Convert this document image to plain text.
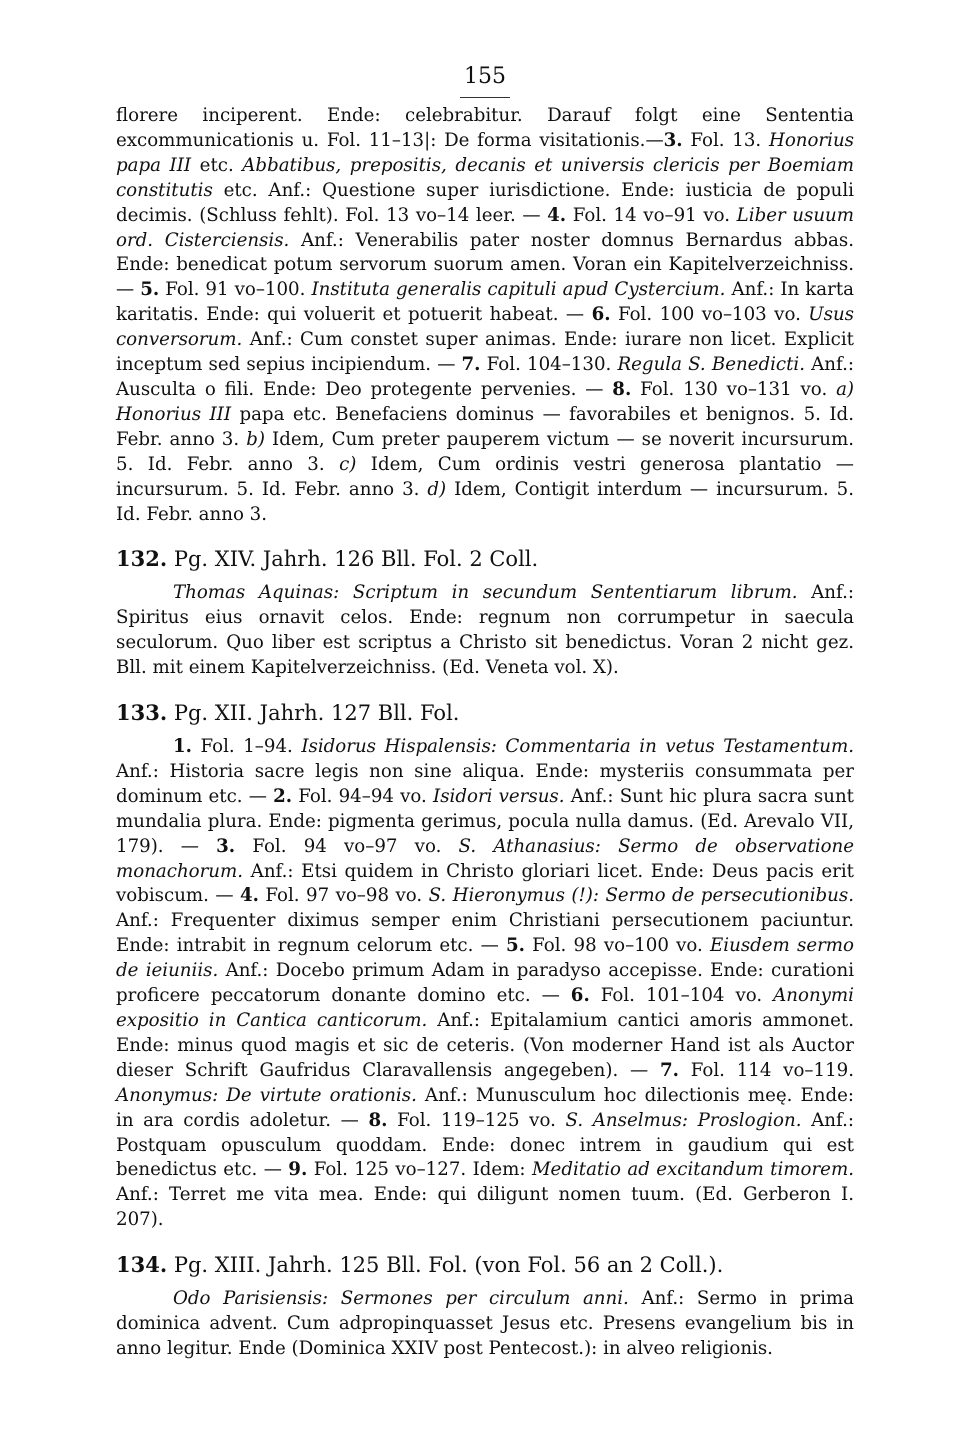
155

florere inciperent. Ende: celebrabitur. Darauf folgt eine Sententia excommunicationis u. Fol. 11–13|: De forma visitationis.—3. Fol. 13. Honorius papa III etc. Abbatibus, prepositis, decanis et universis clericis per Boemiam constitutis etc. Anf.: Questione super iurisdictione. Ende: iusticia de populi decimis. (Schluss fehlt). Fol. 13 vo–14 leer. — 4. Fol. 14 vo–91 vo. Liber usuum ord. Cisterciensis. Anf.: Venerabilis pater noster domnus Bernardus abbas. Ende: benedicat potum servorum suorum amen. Voran ein Kapitelverzeichniss. — 5. Fol. 91 vo–100. Instituta generalis capituli apud Cystercium. Anf.: In karta karitatis. Ende: qui voluerit et potuerit habeat. — 6. Fol. 100 vo–103 vo. Usus conversorum. Anf.: Cum constet super animas. Ende: iurare non licet. Explicit inceptum sed sepius incipiendum. — 7. Fol. 104–130. Regula S. Benedicti. Anf.: Ausculta o fili. Ende: Deo protegente pervenies. — 8. Fol. 130 vo–131 vo. a) Honorius III papa etc. Benefaciens dominus — favorabiles et benignos. 5. Id. Febr. anno 3. b) Idem, Cum preter pauperem victum — se noverit incursurum. 5. Id. Febr. anno 3. c) Idem, Cum ordinis vestri generosa plantatio — incursurum. 5. Id. Febr. anno 3. d) Idem, Contigit interdum — incursurum. 5. Id. Febr. anno 3.

132. Pg. XIV. Jahrh. 126 Bll. Fol. 2 Coll.

Thomas Aquinas: Scriptum in secundum Sententiarum librum. Anf.: Spiritus eius ornavit celos. Ende: regnum non corrumpetur in saecula seculorum. Quo liber est scriptus a Christo sit benedictus. Voran 2 nicht gez. Bll. mit einem Kapitelverzeichniss. (Ed. Veneta vol. X).

133. Pg. XII. Jahrh. 127 Bll. Fol.

1. Fol. 1–94. Isidorus Hispalensis: Commentaria in vetus Testamentum. Anf.: Historia sacre legis non sine aliqua. Ende: mysteriis consummata per dominum etc. — 2. Fol. 94–94 vo. Isidori versus. Anf.: Sunt hic plura sacra sunt mundalia plura. Ende: pigmenta gerimus, pocula nulla damus. (Ed. Arevalo VII, 179). — 3. Fol. 94 vo–97 vo. S. Athanasius: Sermo de observatione monachorum. Anf.: Etsi quidem in Christo gloriari licet. Ende: Deus pacis erit vobiscum. — 4. Fol. 97 vo–98 vo. S. Hieronymus (!): Sermo de persecutionibus. Anf.: Frequenter diximus semper enim Christiani persecutionem paciuntur. Ende: intrabit in regnum celorum etc. — 5. Fol. 98 vo–100 vo. Eiusdem sermo de ieiuniis. Anf.: Docebo primum Adam in paradyso accepisse. Ende: curationi proficere peccatorum donante domino etc. — 6. Fol. 101–104 vo. Anonymi expositio in Cantica canticorum. Anf.: Epitalamium cantici amoris ammonet. Ende: minus quod magis et sic de ceteris. (Von moderner Hand ist als Auctor dieser Schrift Gaufridus Claravallensis angegeben). — 7. Fol. 114 vo–119. Anonymus: De virtute orationis. Anf.: Munusculum hoc dilectionis meę. Ende: in ara cordis adoletur. — 8. Fol. 119–125 vo. S. Anselmus: Proslogion. Anf.: Postquam opusculum quoddam. Ende: donec intrem in gaudium qui est benedictus etc. — 9. Fol. 125 vo–127. Idem: Meditatio ad excitandum timorem. Anf.: Terret me vita mea. Ende: qui diligunt nomen tuum. (Ed. Gerberon I. 207).

134. Pg. XIII. Jahrh. 125 Bll. Fol. (von Fol. 56 an 2 Coll.).

Odo Parisiensis: Sermones per circulum anni. Anf.: Sermo in prima dominica advent. Cum adpropinquasset Jesus etc. Presens evangelium bis in anno legitur. Ende (Dominica XXIV post Pentecost.): in alveo religionis.
